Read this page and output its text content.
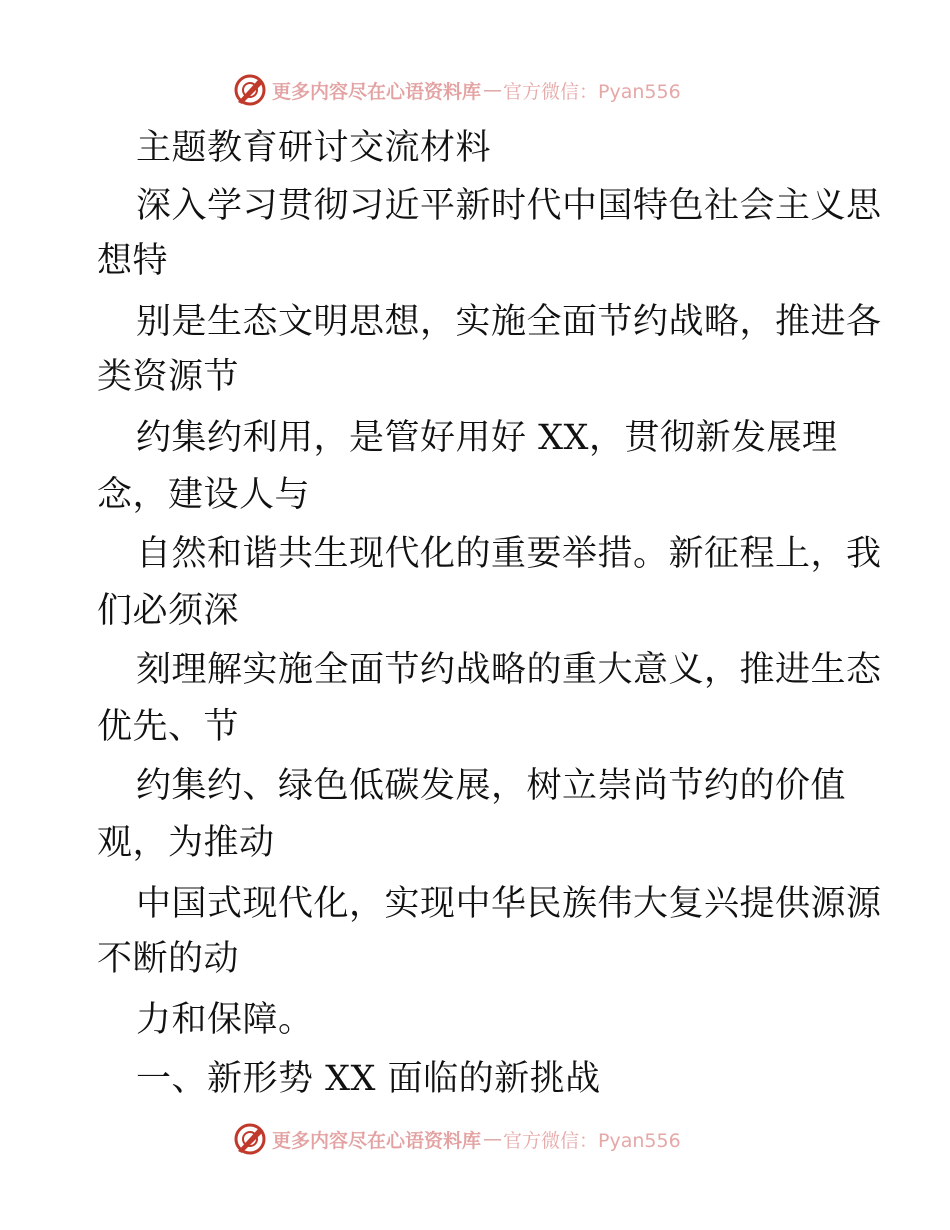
更多内容尽在心语资料库 — 官方微信：Pyan556
主题教育研讨交流材料
深入学习贯彻习近平新时代中国特色社会主义思
想特
别是生态文明思想，实施全面节约战略，推进各
类资源节
约集约利用，是管好用好 XX，贯彻新发展理
念，建设人与
自然和谐共生现代化的重要举措。新征程上，我
们必须深
刻理解实施全面节约战略的重大意义，推进生态
优先、节
约集约、绿色低碳发展，树立崇尚节约的价值
观，为推动
中国式现代化，实现中华民族伟大复兴提供源源
不断的动
力和保障。
一、新形势 XX 面临的新挑战
更多内容尽在心语资料库 — 官方微信：Pyan556
